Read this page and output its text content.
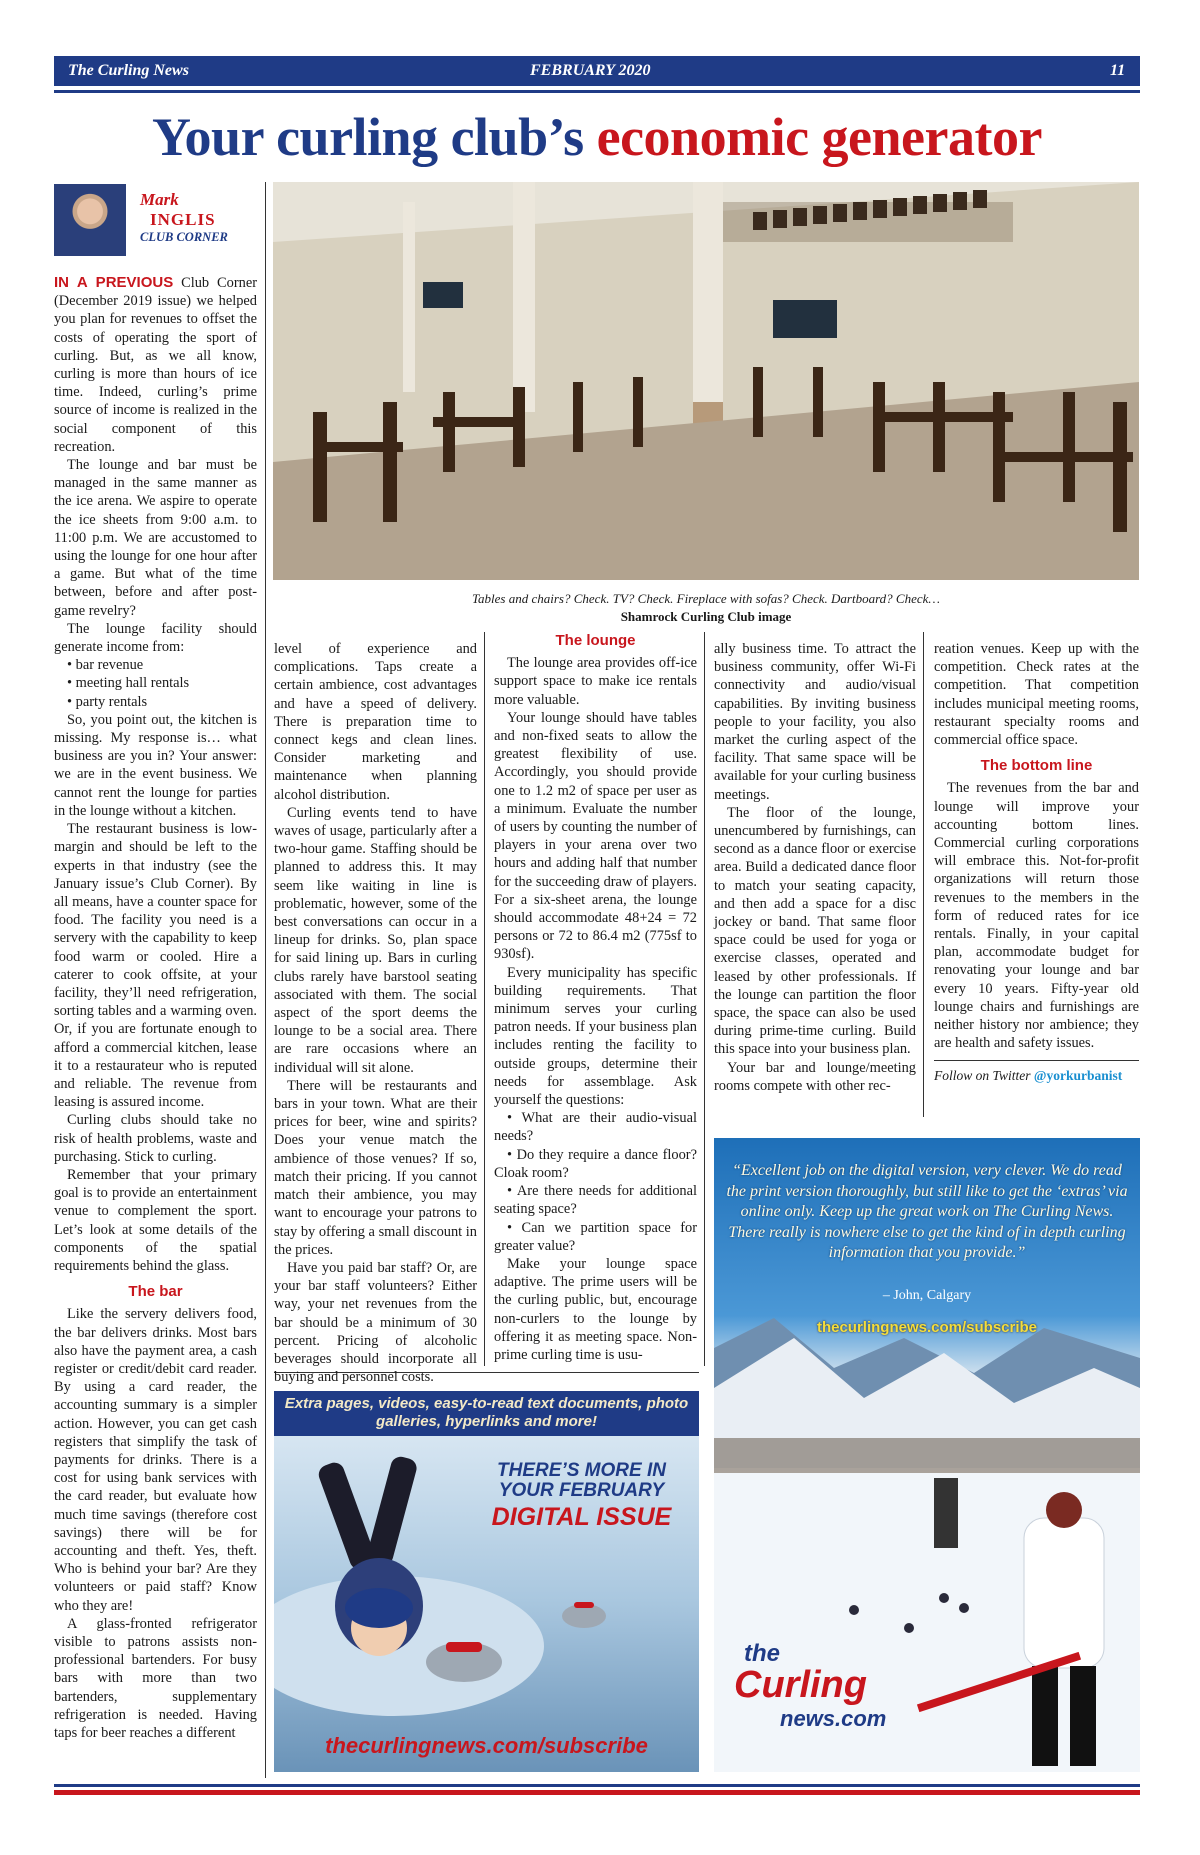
The Curling News	FEBRUARY 2020	11
Your curling club’s economic generator
Mark
INGLIS
CLUB CORNER
Tables and chairs? Check. TV? Check. Fireplace with sofas? Check. Dartboard? Check…
Shamrock Curling Club image

IN A PREVIOUS Club Corner (December 2019 issue) we helped you plan for revenues to offset the costs of operating the sport of curling. But, as we all know, curling is more than hours of ice time. Indeed, curling’s prime source of income is realized in the social component of this recreation.

The lounge and bar must be managed in the same manner as the ice arena. We aspire to operate the ice sheets from 9:00 a.m. to 11:00 p.m. We are accustomed to using the lounge for one hour after a game. But what of the time between, before and after post-game revelry?

The lounge facility should generate income from:

• bar revenue

• meeting hall rentals

• party rentals

So, you point out, the kitchen is missing. My response is… what business are you in? Your answer: we are in the event business. We cannot rent the lounge for parties in the lounge without a kitchen.

The restaurant business is low-margin and should be left to the experts in that industry (see the January issue’s Club Corner). By all means, have a counter space for food. The facility you need is a servery with the capability to keep food warm or cooled. Hire a caterer to cook offsite, at your facility, they’ll need refrigeration, sorting tables and a warming oven. Or, if you are fortunate enough to afford a commercial kitchen, lease it to a restaurateur who is reputed and reliable. The revenue from leasing is assured income.

Curling clubs should take no risk of health problems, waste and purchasing. Stick to curling.

Remember that your primary goal is to provide an entertainment venue to complement the sport. Let’s look at some details of the components of the spatial requirements behind the glass.

The bar

Like the servery delivers food, the bar delivers drinks. Most bars also have the payment area, a cash register or credit/debit card reader. By using a card reader, the accounting summary is a simpler action. However, you can get cash registers that simplify the task of payments for drinks. There is a cost for using bank services with the card reader, but evaluate how much time savings (therefore cost savings) there will be for accounting and theft. Yes, theft. Who is behind your bar? Are they volunteers or paid staff? Know who they are!

A glass-fronted refrigerator visible to patrons assists non-professional bartenders. For busy bars with more than two bartenders, supplementary refrigeration is needed. Having taps for beer reaches a different

level of experience and complications. Taps create a certain ambience, cost advantages and have a speed of delivery. There is preparation time to connect kegs and clean lines. Consider marketing and maintenance when planning alcohol distribution.

Curling events tend to have waves of usage, particularly after a two-hour game. Staffing should be planned to address this. It may seem like waiting in line is problematic, however, some of the best conversations can occur in a lineup for drinks. So, plan space for said lining up. Bars in curling clubs rarely have barstool seating associated with them. The social aspect of the sport deems the lounge to be a social area. There are rare occasions where an individual will sit alone.

There will be restaurants and bars in your town. What are their prices for beer, wine and spirits? Does your venue match the ambience of those venues? If so, match their pricing. If you cannot match their ambience, you may want to encourage your patrons to stay by offering a small discount in the prices.

Have you paid bar staff? Or, are your bar staff volunteers? Either way, your net revenues from the bar should be a minimum of 30 percent. Pricing of alcoholic beverages should incorporate all buying and personnel costs.

The lounge

The lounge area provides off-ice support space to make ice rentals more valuable.

Your lounge should have tables and non-fixed seats to allow the greatest flexibility of use. Accordingly, you should provide one to 1.2 m2 of space per user as a minimum. Evaluate the number of users by counting the number of players in your arena over two hours and adding half that number for the succeeding draw of players. For a six-sheet arena, the lounge should accommodate 48+24 = 72 persons or 72 to 86.4 m2 (775sf to 930sf).

Every municipality has specific building requirements. That minimum serves your curling patron needs. If your business plan includes renting the facility to outside groups, determine their needs for assemblage. Ask yourself the questions:

• What are their audio-visual needs?

• Do they require a dance floor? Cloak room?

• Are there needs for additional seating space?

• Can we partition space for greater value?

Make your lounge space adaptive. The prime users will be the curling public, but, encourage non-curlers to the lounge by offering it as meeting space. Non-prime curling time is usu-

ally business time. To attract the business community, offer Wi-Fi connectivity and audio/visual capabilities. By inviting business people to your facility, you also market the curling aspect of the facility. That same space will be available for your curling business meetings.

The floor of the lounge, unencumbered by furnishings, can second as a dance floor or exercise area. Build a dedicated dance floor to match your seating capacity, and then add a space for a disc jockey or band. That same floor space could be used for yoga or exercise classes, operated and leased by other professionals. If the lounge can partition the floor space, the space can also be used during prime-time curling. Build this space into your business plan.

Your bar and lounge/meeting rooms compete with other rec-

reation venues. Keep up with the competition. Check rates at the competition. That competition includes municipal meeting rooms, restaurant specialty rooms and commercial office space.

The bottom line

The revenues from the bar and lounge will improve your accounting bottom lines. Commercial curling corporations will embrace this. Not-for-profit organizations will return those revenues to the members in the form of reduced rates for ice rentals. Finally, in your capital plan, accommodate budget for renovating your lounge and bar every 10 years. Fifty-year old lounge chairs and furnishings are neither history nor ambience; they are health and safety issues.

Follow on Twitter @yorkurbanist
Extra pages, videos, easy-to-read text documents, photo galleries, hyperlinks and more!
THERE’S MORE IN YOUR FEBRUARY
DIGITAL ISSUE
thecurlingnews.com/subscribe
“Excellent job on the digital version, very clever. We do read the print version thoroughly, but still like to get the ‘extras’ via online only. Keep up the great work on The Curling News. There really is nowhere else to get the kind of in depth curling information that you provide.”
– John, Calgary
thecurlingnews.com/subscribe
the
Curling
news.com
